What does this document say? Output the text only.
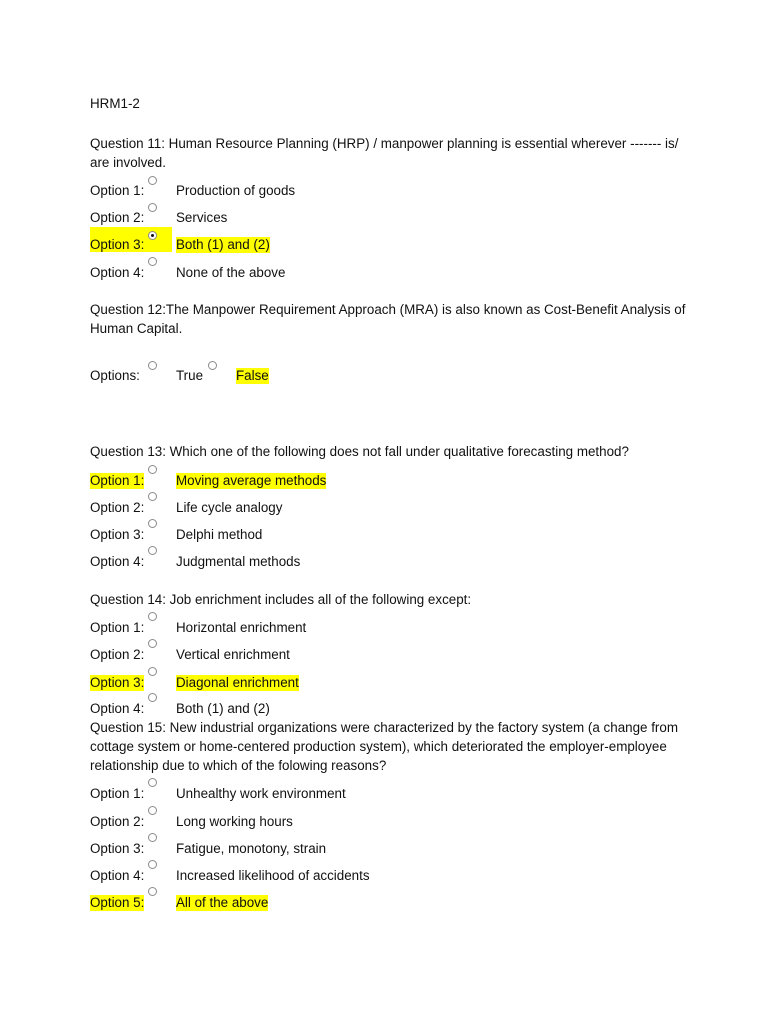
HRM1-2
Question 11: Human Resource Planning (HRP) / manpower planning is essential wherever ------- is/ are involved.
Option 1: Production of goods
Option 2: Services
Option 3: Both (1) and (2)
Option 4: None of the above
Question 12:The Manpower Requirement Approach (MRA) is also known as Cost-Benefit Analysis of Human Capital.
Options:	True False
Question 13: Which one of the following does not fall under qualitative forecasting method?
Option 1: Moving average methods
Option 2: Life cycle analogy
Option 3: Delphi method
Option 4: Judgmental methods
Question 14: Job enrichment includes all of the following except:
Option 1: Horizontal enrichment
Option 2: Vertical enrichment
Option 3: Diagonal enrichment
Option 4: Both (1) and (2)
Question 15: New industrial organizations were characterized by the factory system (a change from cottage system or home-centered production system), which deteriorated the employer-employee relationship due to which of the folowing reasons?
Option 1: Unhealthy work environment
Option 2: Long working hours
Option 3: Fatigue, monotony, strain
Option 4: Increased likelihood of accidents
Option 5: All of the above
